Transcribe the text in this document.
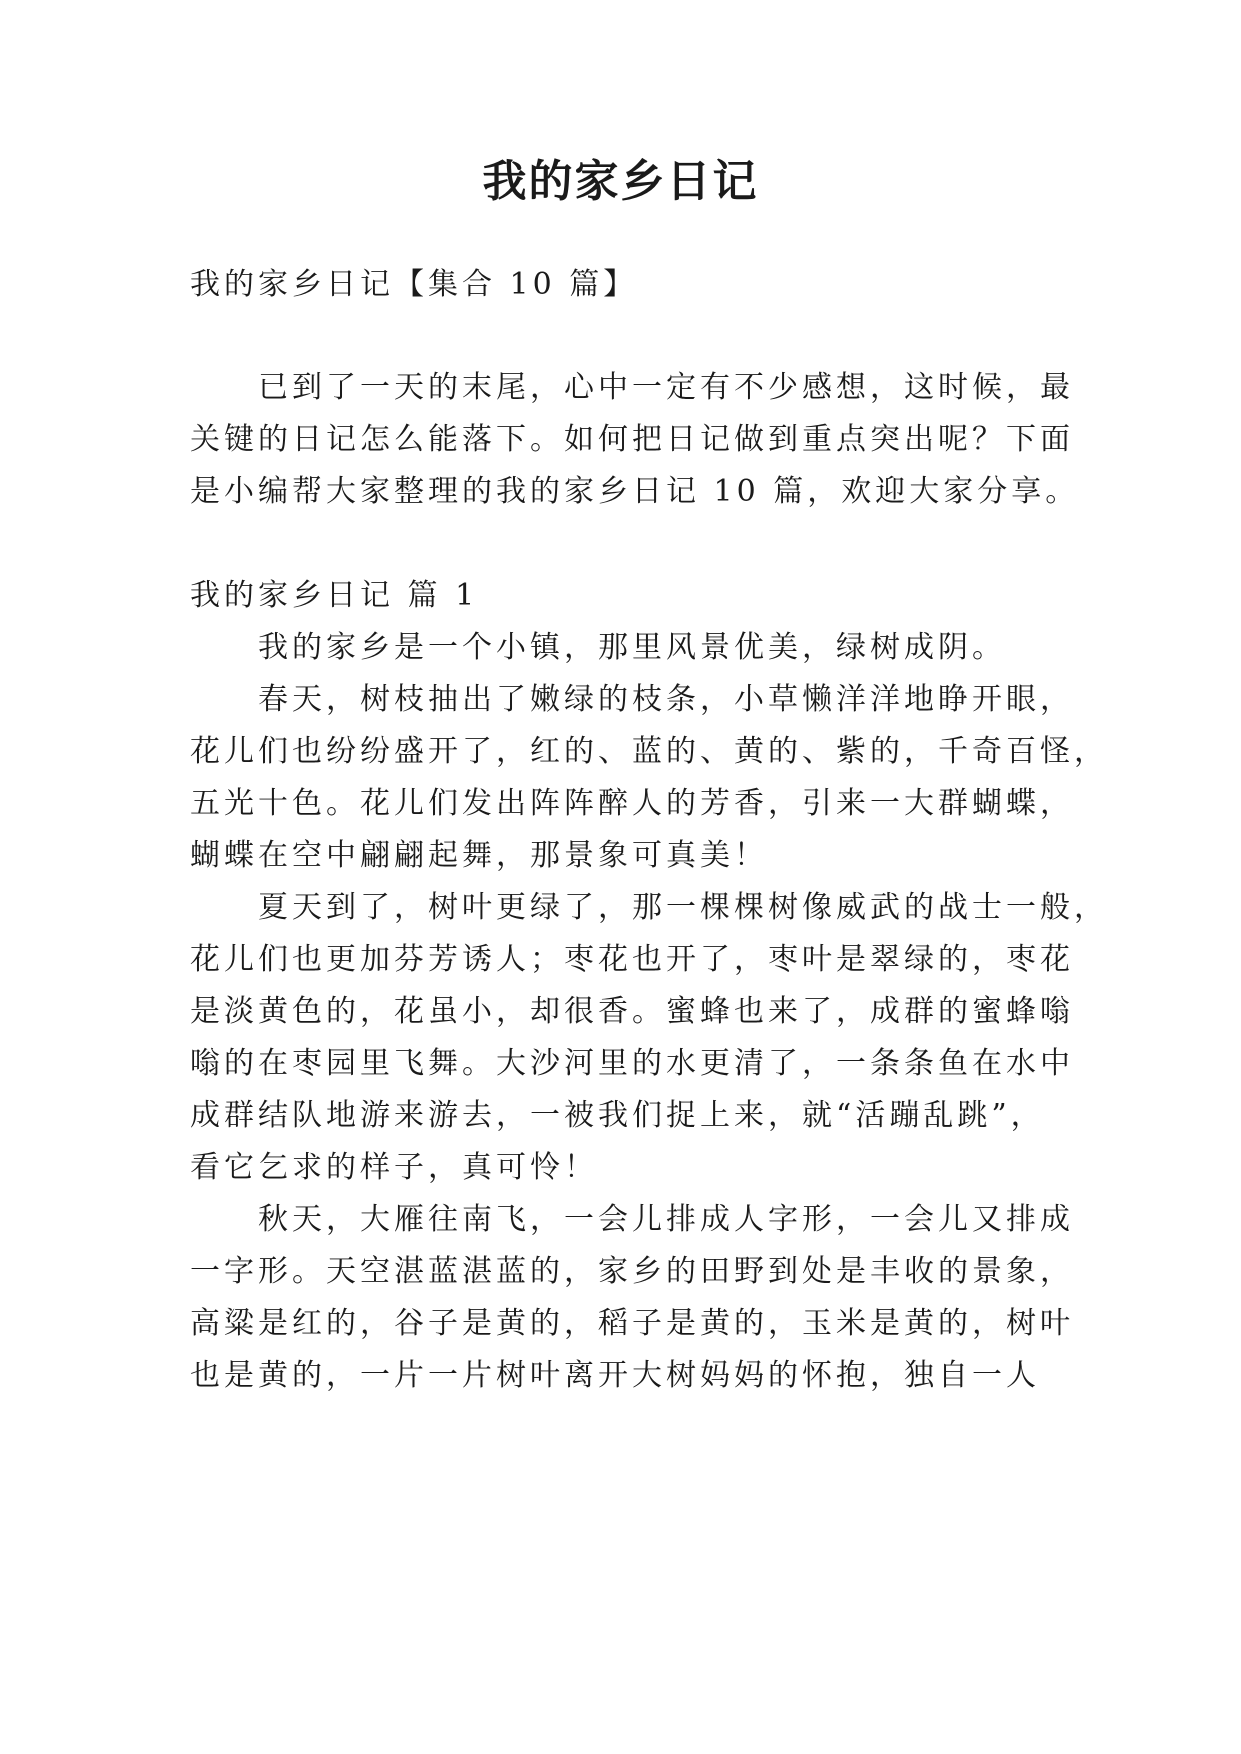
我的家乡日记
我的家乡日记【集合 10 篇】
已到了一天的末尾，心中一定有不少感想，这时候，最
关键的日记怎么能落下。如何把日记做到重点突出呢？下面
是小编帮大家整理的我的家乡日记 10 篇，欢迎大家分享。
我的家乡日记 篇 1
我的家乡是一个小镇，那里风景优美，绿树成阴。
春天，树枝抽出了嫩绿的枝条，小草懒洋洋地睁开眼，
花儿们也纷纷盛开了，红的、蓝的、黄的、紫的，千奇百怪，
五光十色。花儿们发出阵阵醉人的芳香，引来一大群蝴蝶，
蝴蝶在空中翩翩起舞，那景象可真美！
夏天到了，树叶更绿了，那一棵棵树像威武的战士一般，
花儿们也更加芬芳诱人；枣花也开了，枣叶是翠绿的，枣花
是淡黄色的，花虽小，却很香。蜜蜂也来了，成群的蜜蜂嗡
嗡的在枣园里飞舞。大沙河里的水更清了，一条条鱼在水中
成群结队地游来游去，一被我们捉上来，就“活蹦乱跳”，
看它乞求的样子，真可怜！
秋天，大雁往南飞，一会儿排成人字形，一会儿又排成
一字形。天空湛蓝湛蓝的，家乡的田野到处是丰收的景象，
高粱是红的，谷子是黄的，稻子是黄的，玉米是黄的，树叶
也是黄的，一片一片树叶离开大树妈妈的怀抱，独自一人
